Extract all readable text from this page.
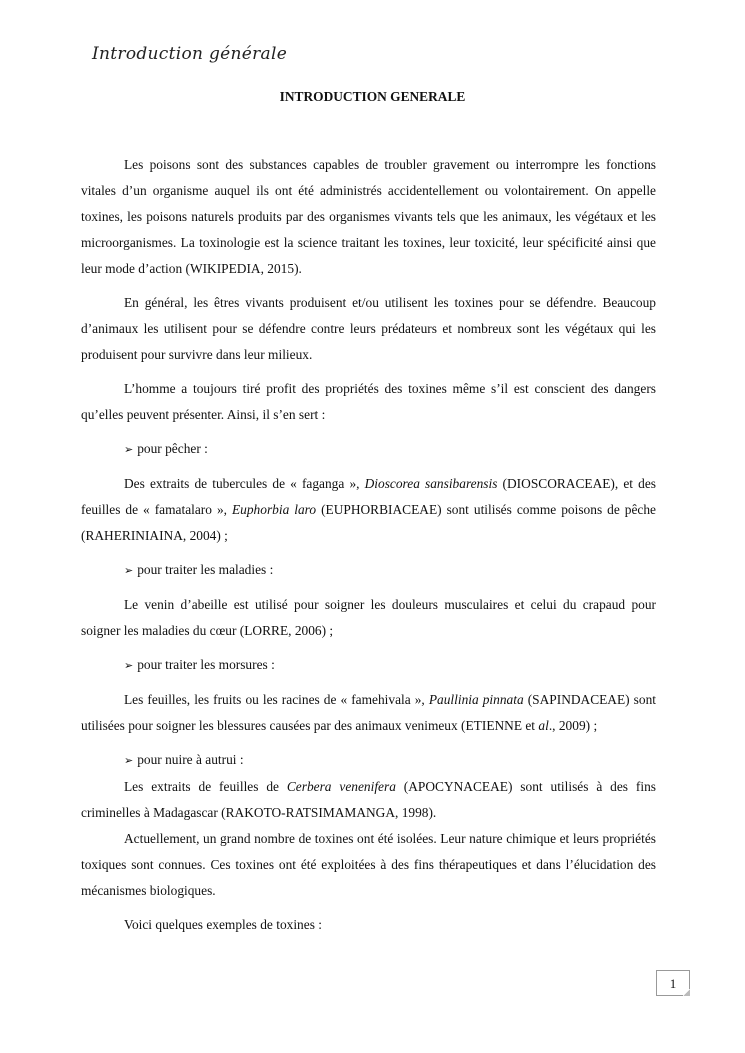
Introduction générale
INTRODUCTION GENERALE

Les poisons sont des substances capables de troubler gravement ou interrompre les fonctions vitales d’un organisme auquel ils ont été administrés accidentellement ou volontairement. On appelle toxines, les poisons naturels produits par des organismes vivants tels que les animaux, les végétaux et les microorganismes. La toxinologie est la science traitant les toxines, leur toxicité, leur spécificité ainsi que leur mode d’action (WIKIPEDIA, 2015).

En général, les êtres vivants produisent et/ou utilisent les toxines pour se défendre. Beaucoup d’animaux les utilisent pour se défendre contre leurs prédateurs et nombreux sont les végétaux qui les produisent pour survivre dans leur milieux.

L’homme a toujours tiré profit des propriétés des toxines même s’il est conscient des dangers qu’elles peuvent présenter. Ainsi, il s’en sert :

➢ pour pêcher :

Des extraits de tubercules de « faganga », Dioscorea sansibarensis (DIOSCORACEAE), et des feuilles de « famatalaro », Euphorbia laro (EUPHORBIACEAE) sont utilisés comme poisons de pêche (RAHERINIAINA, 2004) ;

➢ pour traiter les maladies :

Le venin d’abeille est utilisé pour soigner les douleurs musculaires et celui du crapaud pour soigner les maladies du cœur (LORRE, 2006) ;

➢ pour traiter les morsures :

Les feuilles, les fruits ou les racines de « famehivala », Paullinia pinnata (SAPINDACEAE) sont utilisées pour soigner les blessures causées par des animaux venimeux (ETIENNE et al., 2009) ;

➢ pour nuire à autrui :

Les extraits de feuilles de Cerbera venenifera (APOCYNACEAE) sont utilisés à des fins criminelles à Madagascar (RAKOTO-RATSIMAMANGA, 1998).

Actuellement, un grand nombre de toxines ont été isolées. Leur nature chimique et leurs propriétés toxiques sont connues. Ces toxines ont été exploitées à des fins thérapeutiques et dans l’élucidation des mécanismes biologiques.

Voici quelques exemples de toxines :

1
